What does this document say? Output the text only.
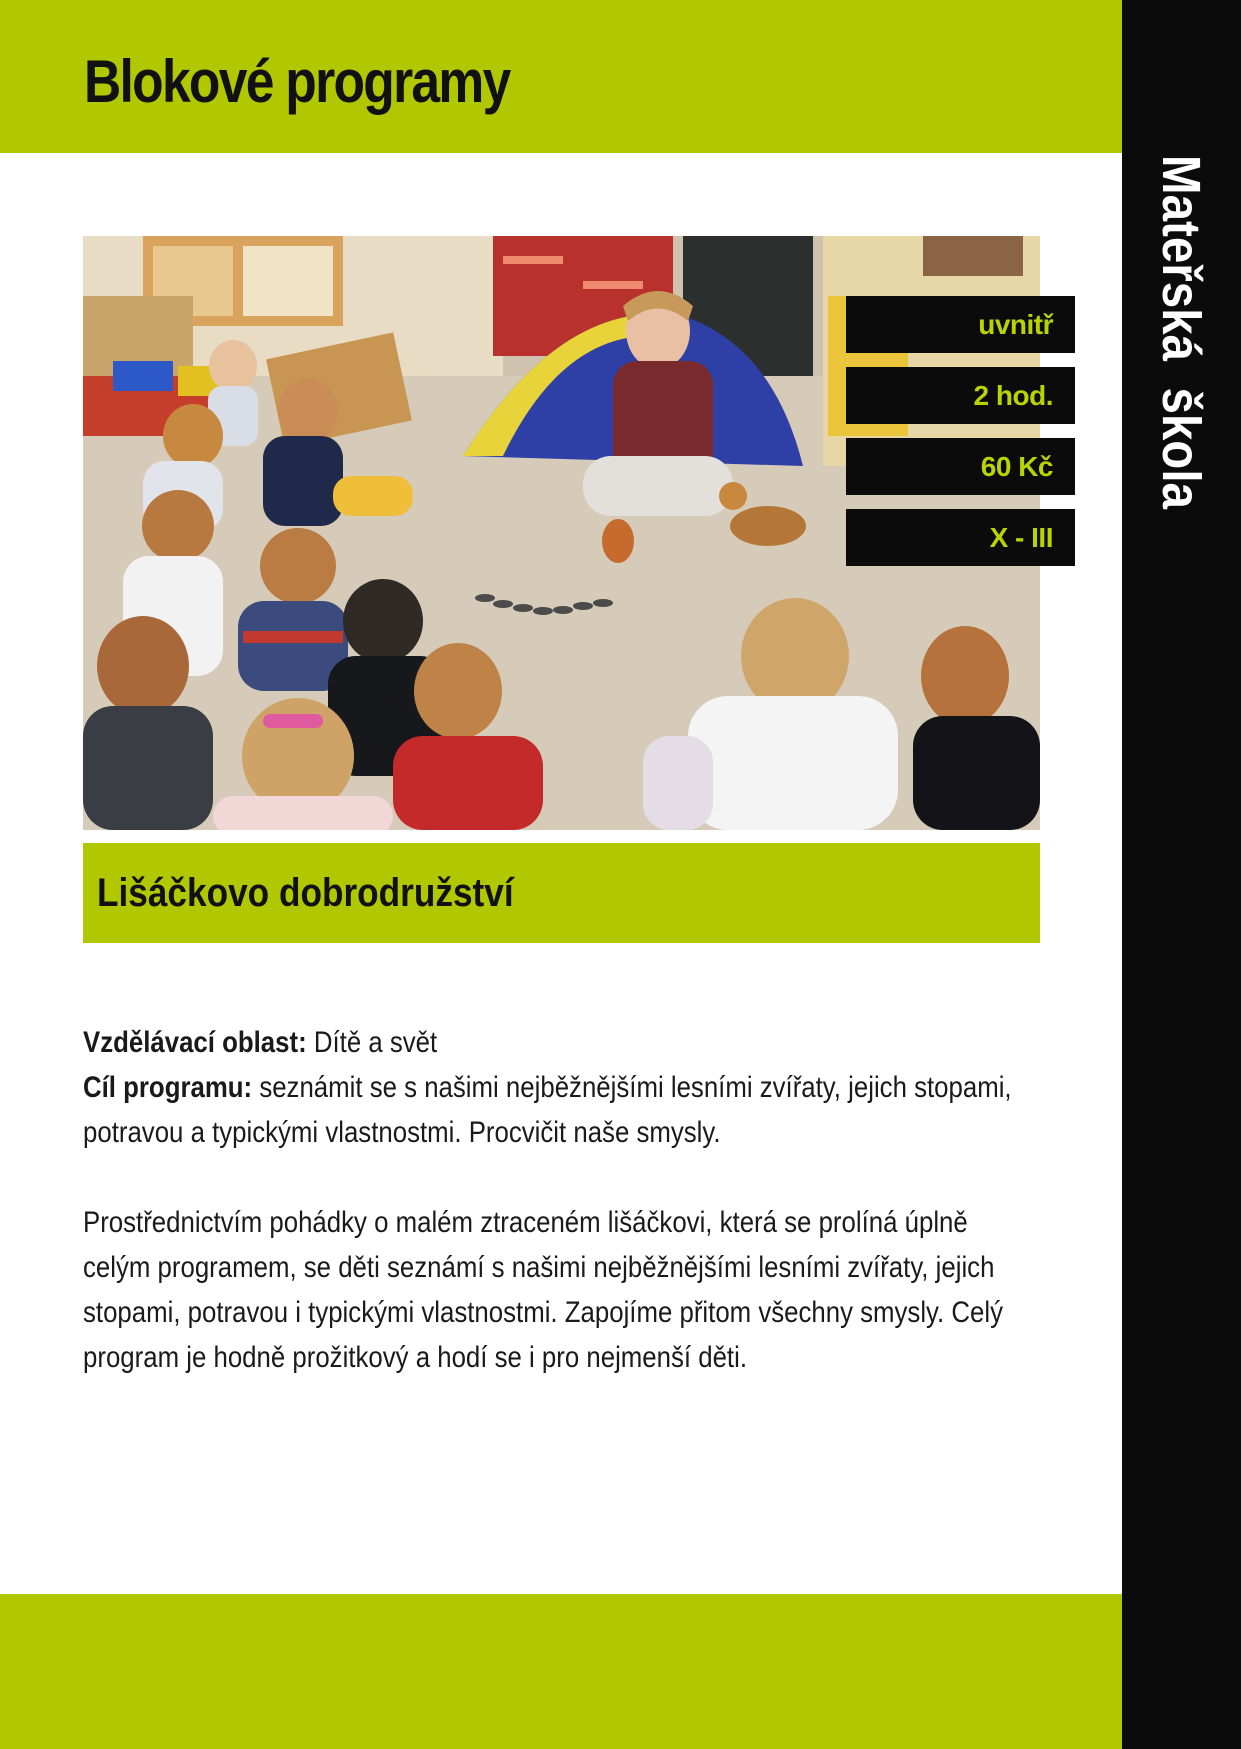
Blokové programy
Mateřská  škola
uvnitř
2 hod.
60 Kč
X - III
Lišáčkovo dobrodružství

Vzdělávací oblast: Dítě a svět

Cíl programu: seznámit se s našimi nejběžnějšími lesními zvířaty, jejich stopami, potravou a typickými vlastnostmi. Procvičit naše smysly.

Prostřednictvím pohádky o malém ztraceném lišáčkovi, která se prolíná úplně celým programem, se děti seznámí s našimi nejběžnějšími lesními zvířaty, jejich stopami, potravou i typickými vlastnostmi. Zapojíme přitom všechny smysly. Celý program je hodně prožitkový a hodí se i pro nejmenší děti.
